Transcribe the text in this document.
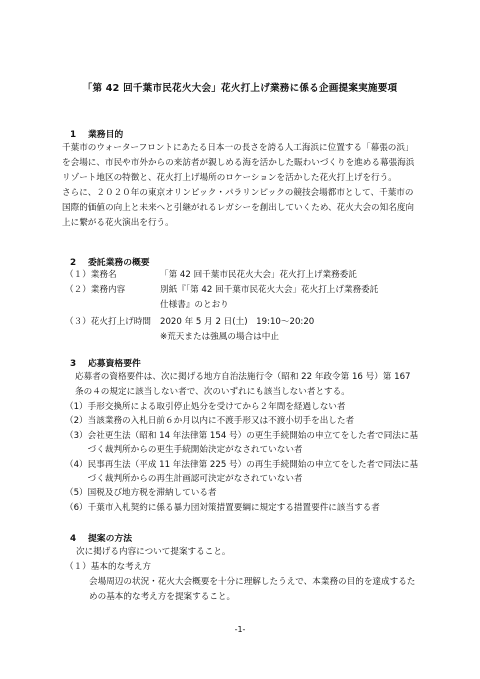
「第 42 回千葉市民花火大会」花火打上げ業務に係る企画提案実施要項
1 業務目的

千葉市のウォーターフロントにあたる日本一の長さを誇る人工海浜に位置する「幕張の浜」を会場に、市民や市外からの来訪者が親しめる海を活かした賑わいづくりを進める幕張海浜リゾート地区の特徴と、花火打上げ場所のロケーションを活かした花火打上げを行う。

さらに、２０２０年の東京オリンピック・パラリンピックの競技会場都市として、千葉市の国際的価値の向上と未来へと引継がれるレガシーを創出していくため、花火大会の知名度向上に繋がる花火演出を行う。

2 委託業務の概要
（１）業務名	「第 42 回千葉市民花火大会」花火打上げ業務委託
（２）業務内容	別紙『「第 42 回千葉市民花火大会」花火打上げ業務委託
仕様書』のとおり
（３）花火打上げ時間 2020 年 5 月 2 日(土)　19:10～20:20
※荒天または強風の場合は中止
3 応募資格要件

応募者の資格要件は、次に掲げる地方自治法施行令（昭和 22 年政令第 16 号）第 167 条の４の規定に該当しない者で、次のいずれにも該当しない者とする。

（1） 手形交換所による取引停止処分を受けてから２年間を経過しない者
（2） 当該業務の入札日前６か月以内に不渡手形又は不渡小切手を出した者
（3） 会社更生法（昭和 14 年法律第 154 号）の更生手続開始の申立てをした者で同法に基づく裁判所からの更生手続開始決定がなされていない者
（4） 民事再生法（平成 11 年法律第 225 号）の再生手続開始の申立てをした者で同法に基づく裁判所からの再生計画認可決定がなされていない者
（5） 国税及び地方税を滞納している者
（6） 千葉市入札契約に係る暴力団対策措置要綱に規定する措置要件に該当する者
4 提案の方法

次に掲げる内容について提案すること。

（１）基本的な考え方

会場周辺の状況・花火大会概要を十分に理解したうえで、本業務の目的を達成するための基本的な考え方を提案すること。

-1-
